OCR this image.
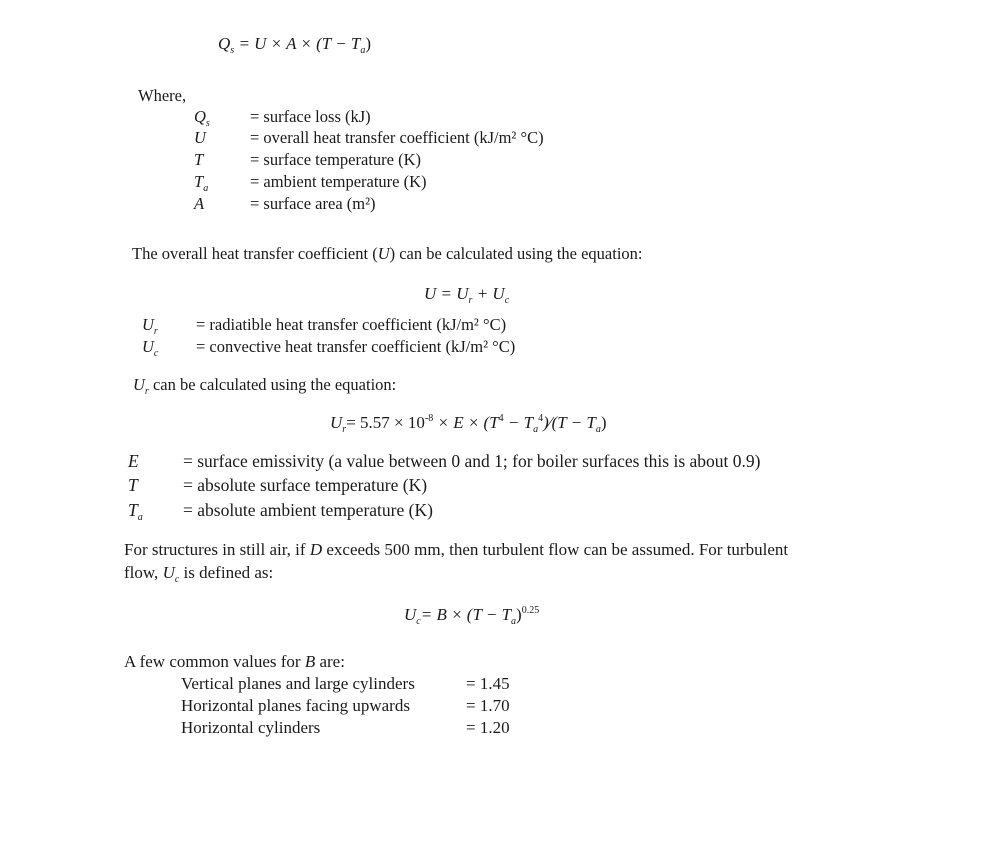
$Q_s = U \times A \times (T - T_a)$
Where,
$Q_s$ = surface loss (kJ)
U	= overall heat transfer coefficient (kJ/m² °C)
T	= surface temperature (K)
$T_a$	= ambient temperature (K)
A	= surface area (m²)
The overall heat transfer coefficient (U) can be calculated using the equation:
$U = U_r + U_c$
$U_r$ = radiatible heat transfer coefficient (kJ/m² °C)
$U_c$ = convective heat transfer coefficient (kJ/m² °C)
$U_r$ can be calculated using the equation:
$U_r= 5.57 \times 10^{-8} \times E \times (T^4$ − $T_a^4)∕(T - T_a)$
E	= surface emissivity (a value between 0 and 1; for boiler surfaces this is about 0.9)
T	= absolute surface temperature (K)
$T_a$ = absolute ambient temperature (K)
For structures in still air, if D exceeds 500 mm, then turbulent flow can be assumed. For turbulent
flow, $U_c$ is defined as:
$U_c= B \times (T - T_a)^{0.25}$
A few common values for B are:
Vertical planes and large cylinders	= 1.45
Horizontal planes facing upwards	= 1.70
Horizontal cylinders	= 1.20
